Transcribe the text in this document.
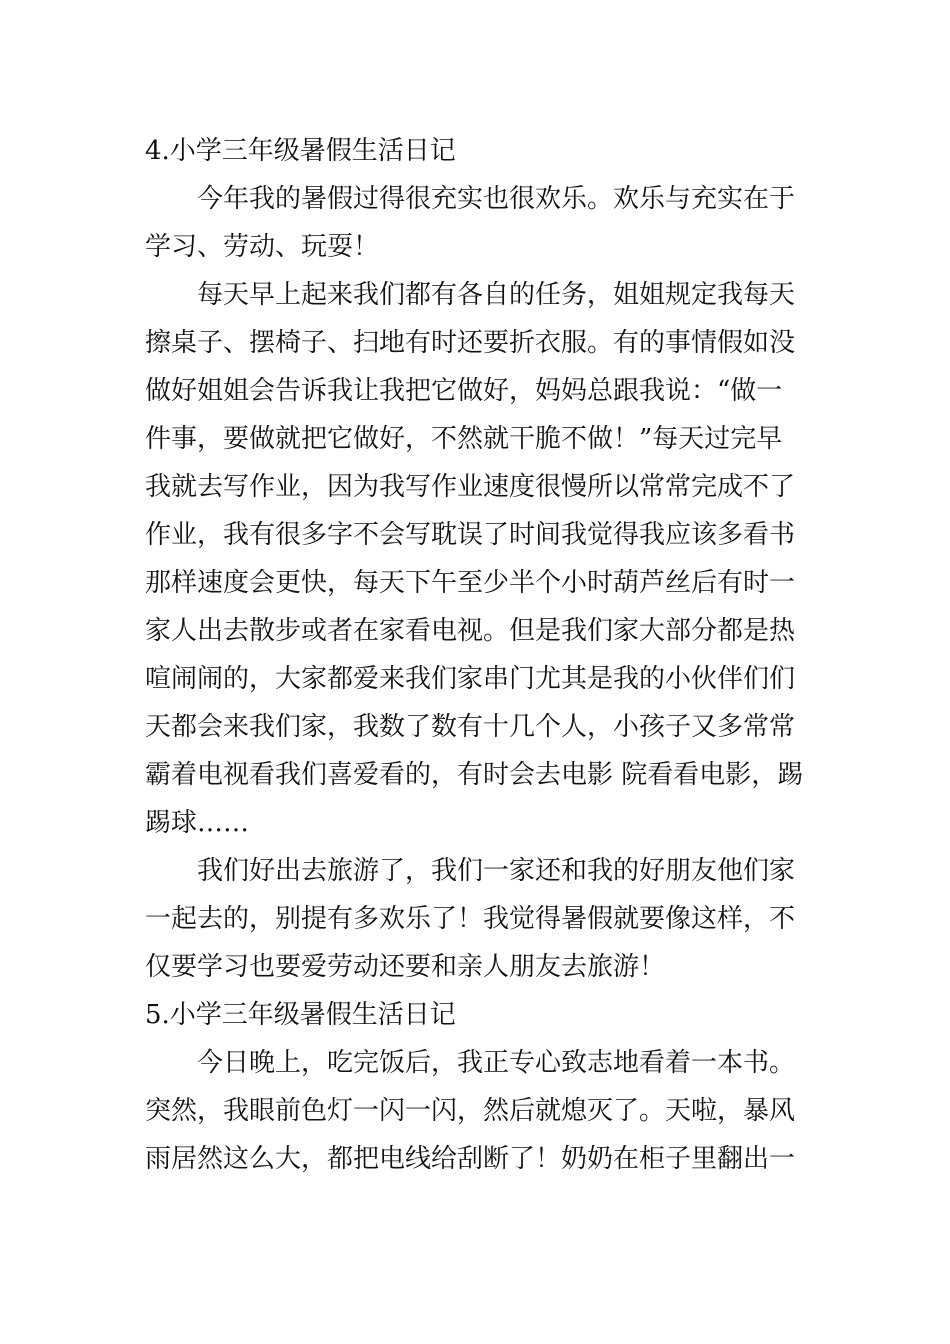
4.小学三年级暑假生活日记
今年我的暑假过得很充实也很欢乐。欢乐与充实在于
学习、劳动、玩耍！
每天早上起来我们都有各自的任务，姐姐规定我每天
擦桌子、摆椅子、扫地有时还要折衣服。有的事情假如没
做好姐姐会告诉我让我把它做好，妈妈总跟我说：“做一
件事，要做就把它做好，不然就干脆不做！”每天过完早
我就去写作业，因为我写作业速度很慢所以常常完成不了
作业，我有很多字不会写耽误了时间我觉得我应该多看书
那样速度会更快，每天下午至少半个小时葫芦丝后有时一
家人出去散步或者在家看电视。但是我们家大部分都是热
喧闹闹的，大家都爱来我们家串门尤其是我的小伙伴们们
天都会来我们家，我数了数有十几个人，小孩子又多常常
霸着电视看我们喜爱看的，有时会去电影 院看看电影，踢
踢球……
我们好出去旅游了，我们一家还和我的好朋友他们家
一起去的，别提有多欢乐了！我觉得暑假就要像这样，不
仅要学习也要爱劳动还要和亲人朋友去旅游！
5.小学三年级暑假生活日记
今日晚上，吃完饭后，我正专心致志地看着一本书。
突然，我眼前色灯一闪一闪，然后就熄灭了。天啦，暴风
雨居然这么大，都把电线给刮断了！奶奶在柜子里翻出一
